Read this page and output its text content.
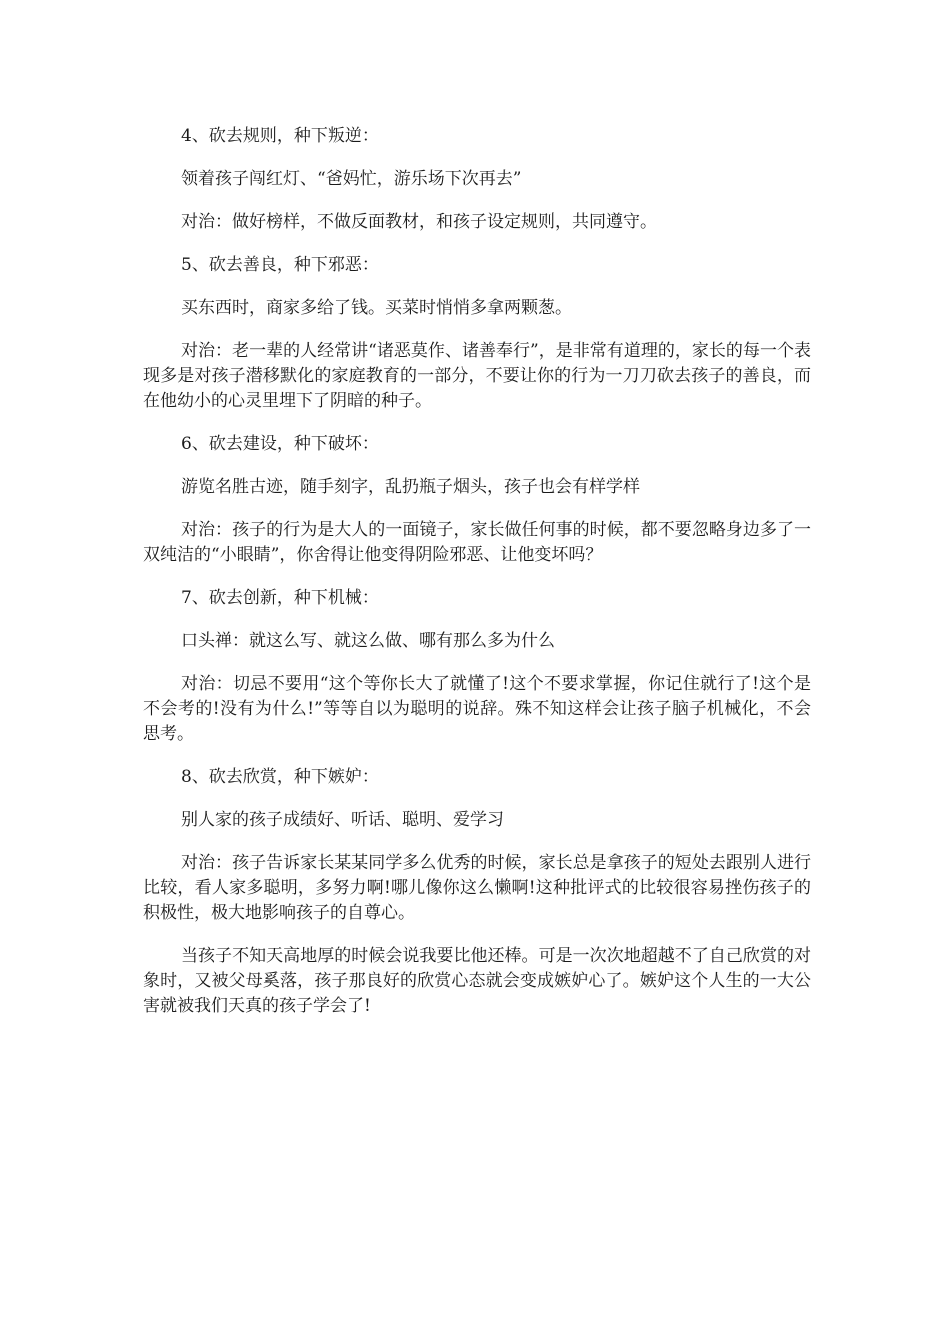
4、砍去规则，种下叛逆：

领着孩子闯红灯、“爸妈忙，游乐场下次再去”

对治：做好榜样，不做反面教材，和孩子设定规则，共同遵守。

5、砍去善良，种下邪恶：

买东西时，商家多给了钱。买菜时悄悄多拿两颗葱。

对治：老一辈的人经常讲“诸恶莫作、诸善奉行”，是非常有道理的，家长的每一个表现多是对孩子潜移默化的家庭教育的一部分，不要让你的行为一刀刀砍去孩子的善良，而在他幼小的心灵里埋下了阴暗的种子。

6、砍去建设，种下破坏：

游览名胜古迹，随手刻字，乱扔瓶子烟头，孩子也会有样学样

对治：孩子的行为是大人的一面镜子，家长做任何事的时候，都不要忽略身边多了一双纯洁的“小眼睛”，你舍得让他变得阴险邪恶、让他变坏吗？

7、砍去创新，种下机械：

口头禅：就这么写、就这么做、哪有那么多为什么

对治：切忌不要用“这个等你长大了就懂了!这个不要求掌握，你记住就行了!这个是不会考的!没有为什么!”等等自以为聪明的说辞。殊不知这样会让孩子脑子机械化，不会思考。

8、砍去欣赏，种下嫉妒：

别人家的孩子成绩好、听话、聪明、爱学习

对治：孩子告诉家长某某同学多么优秀的时候，家长总是拿孩子的短处去跟别人进行比较，看人家多聪明，多努力啊!哪儿像你这么懒啊!这种批评式的比较很容易挫伤孩子的积极性，极大地影响孩子的自尊心。

当孩子不知天高地厚的时候会说我要比他还棒。可是一次次地超越不了自己欣赏的对象时，又被父母奚落，孩子那良好的欣赏心态就会变成嫉妒心了。嫉妒这个人生的一大公害就被我们天真的孩子学会了!
